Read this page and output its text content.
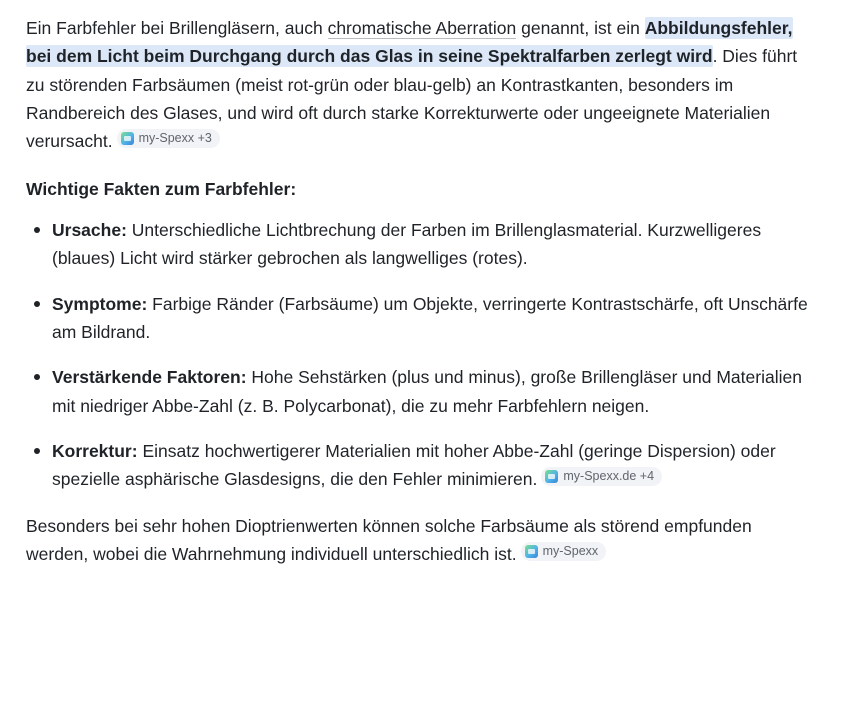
Ein Farbfehler bei Brillengläsern, auch chromatische Aberration genannt, ist ein Abbildungsfehler, bei dem Licht beim Durchgang durch das Glas in seine Spektralfarben zerlegt wird. Dies führt zu störenden Farbsäumen (meist rot-grün oder blau-gelb) an Kontrastkanten, besonders im Randbereich des Glases, und wird oft durch starke Korrekturwerte oder ungeeignete Materialien verursacht. my-Spexx +3

Wichtige Fakten zum Farbfehler:

Ursache: Unterschiedliche Lichtbrechung der Farben im Brillenglasmaterial. Kurzwelligeres (blaues) Licht wird stärker gebrochen als langwelliges (rotes).
Symptome: Farbige Ränder (Farbsäume) um Objekte, verringerte Kontrastschärfe, oft Unschärfe am Bildrand.
Verstärkende Faktoren: Hohe Sehstärken (plus und minus), große Brillengläser und Materialien mit niedriger Abbe-Zahl (z. B. Polycarbonat), die zu mehr Farbfehlern neigen.
Korrektur: Einsatz hochwertigerer Materialien mit hoher Abbe-Zahl (geringe Dispersion) oder spezielle asphärische Glasdesigns, die den Fehler minimieren. my-Spexx.de +4

Besonders bei sehr hohen Dioptrienwerten können solche Farbsäume als störend empfunden werden, wobei die Wahrnehmung individuell unterschiedlich ist. my-Spexx
